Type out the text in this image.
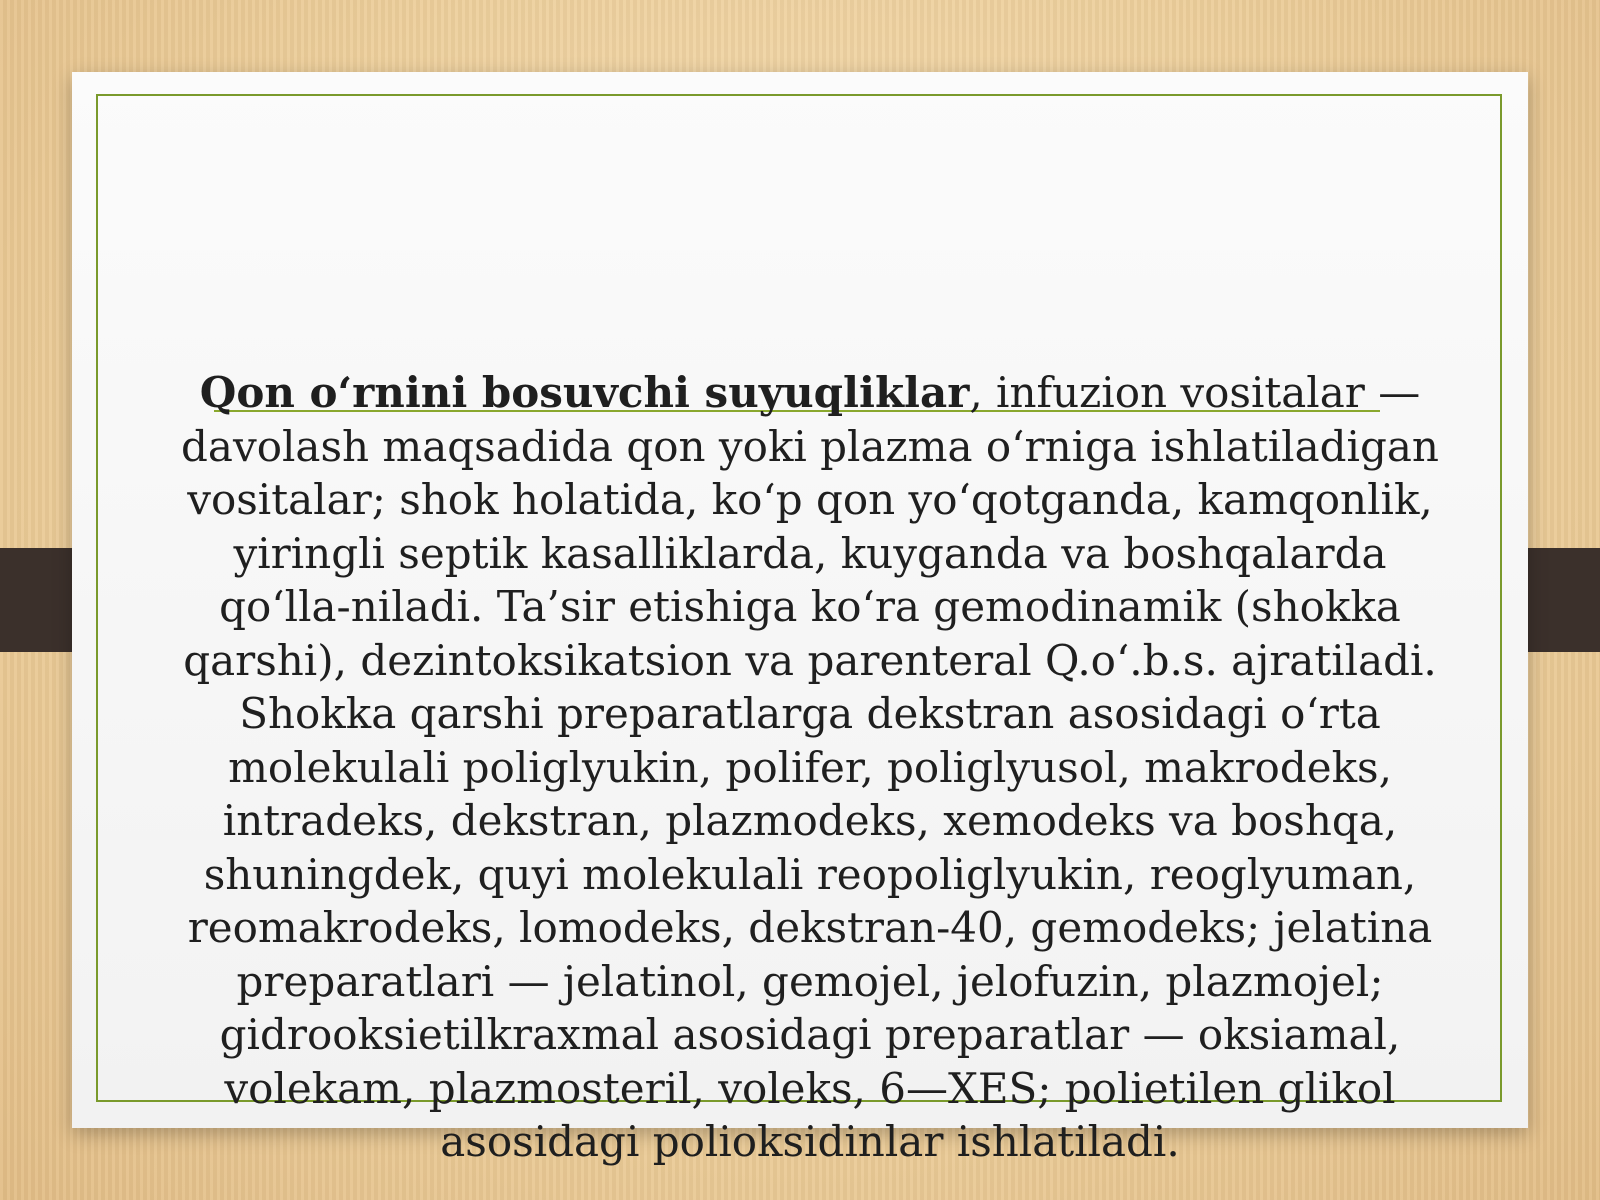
Qon o‘rnini bosuvchi suyuqliklar, infuzion vositalar — davolash maqsadida qon yoki plazma o‘rniga ishlatiladigan vositalar; shok holatida, ko‘p qon yo‘qotganda, kamqonlik, yiringli septik kasalliklarda, kuyganda va boshqalarda qo‘lla-niladi. Ta’sir etishiga ko‘ra gemodinamik (shokka qarshi), dezintoksikatsion va parenteral Q.o‘.b.s. ajratiladi.

Shokka qarshi preparatlarga dekstran asosidagi o‘rta molekulali poliglyukin, polifer, poliglyusol, makrodeks, intradeks, dekstran, plazmodeks, xemodeks va boshqa, shuningdek, quyi molekulali reopoliglyukin, reoglyuman, reomakrodeks, lomodeks, dekstran-40, gemodeks; jelatina preparatlari — jelatinol, gemojel, jelofuzin, plazmojel; gidrooksietilkraxmal asosidagi preparatlar — oksiamal, volekam, plazmosteril, voleks, 6—XES; polietilen glikol asosidagi polioksidinlar ishlatiladi.
